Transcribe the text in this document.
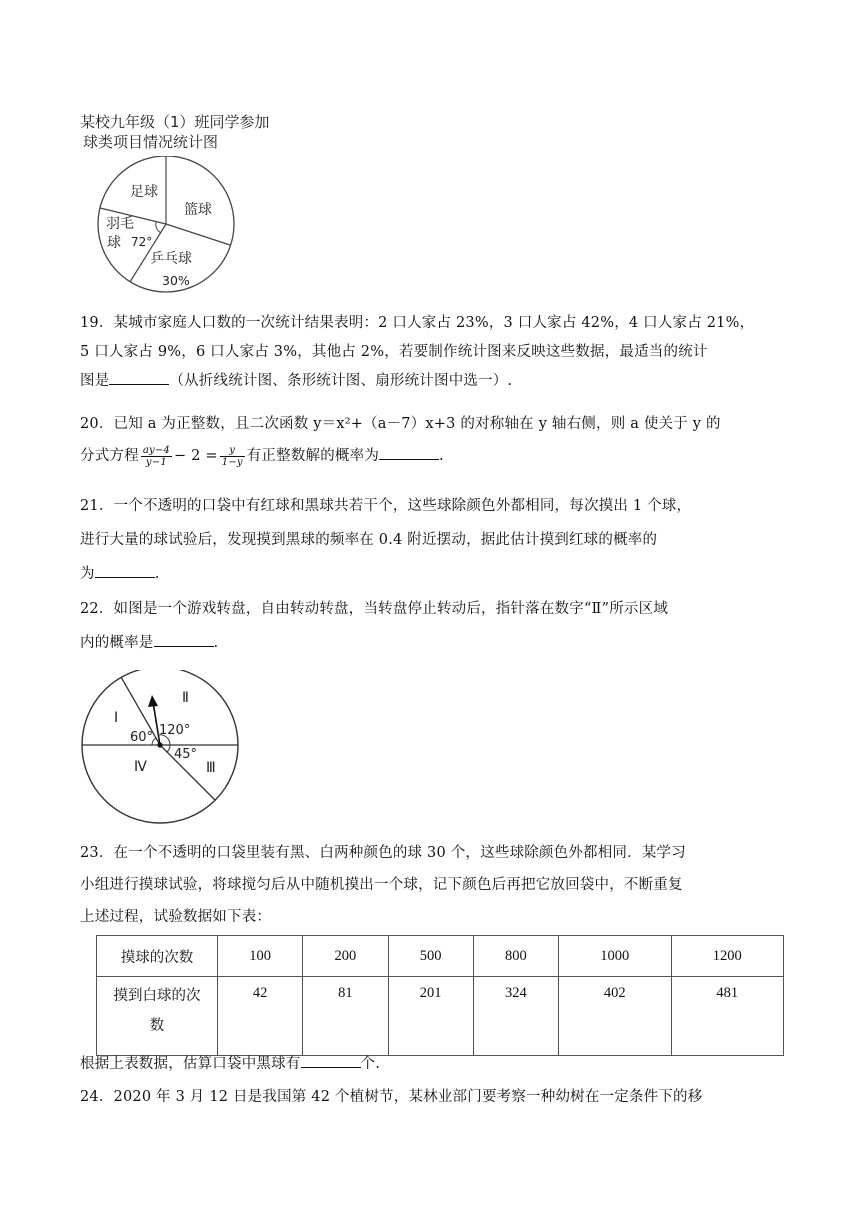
某校九年级（1）班同学参加
球类项目情况统计图
足球
篮球
羽毛
球 72°
乒乓球
30%
19．某城市家庭人口数的一次统计结果表明：2 口人家占 23%，3 口人家占 42%，4 口人家占 21%，
5 口人家占 9%，6 口人家占 3%，其他占 2%，若要制作统计图来反映这些数据，最适当的统计
图是	（从折线统计图、条形统计图、扇形统计图中选一）.
20．已知 a 为正整数，且二次函数 y＝x²+（a－7）x+3 的对称轴在 y 轴右侧，则 a 使关于 y 的
分式方程 $\frac{ay-4}{y-1} - 2 = \frac{y}{1-y}$ 有正整数解的概率为	.
21．一个不透明的口袋中有红球和黑球共若干个，这些球除颜色外都相同，每次摸出 1 个球，
进行大量的球试验后，发现摸到黑球的频率在 0.4 附近摆动，据此估计摸到红球的概率的
为	.
22．如图是一个游戏转盘，自由转动转盘，当转盘停止转动后，指针落在数字“Ⅱ”所示区域
内的概率是	.
Ⅰ
Ⅱ
Ⅲ
Ⅳ
120°
60°
45°
23．在一个不透明的口袋里装有黑、白两种颜色的球 30 个，这些球除颜色外都相同．某学习
小组进行摸球试验，将球搅匀后从中随机摸出一个球，记下颜色后再把它放回袋中，不断重复
上述过程，试验数据如下表：
摸球的次数	100	200	500	800	1000	1200

摸到白球的次
数	42	81	201	324	402	481
根据上表数据，估算口袋中黑球有	个.
24．2020 年 3 月 12 日是我国第 42 个植树节，某林业部门要考察一种幼树在一定条件下的移
